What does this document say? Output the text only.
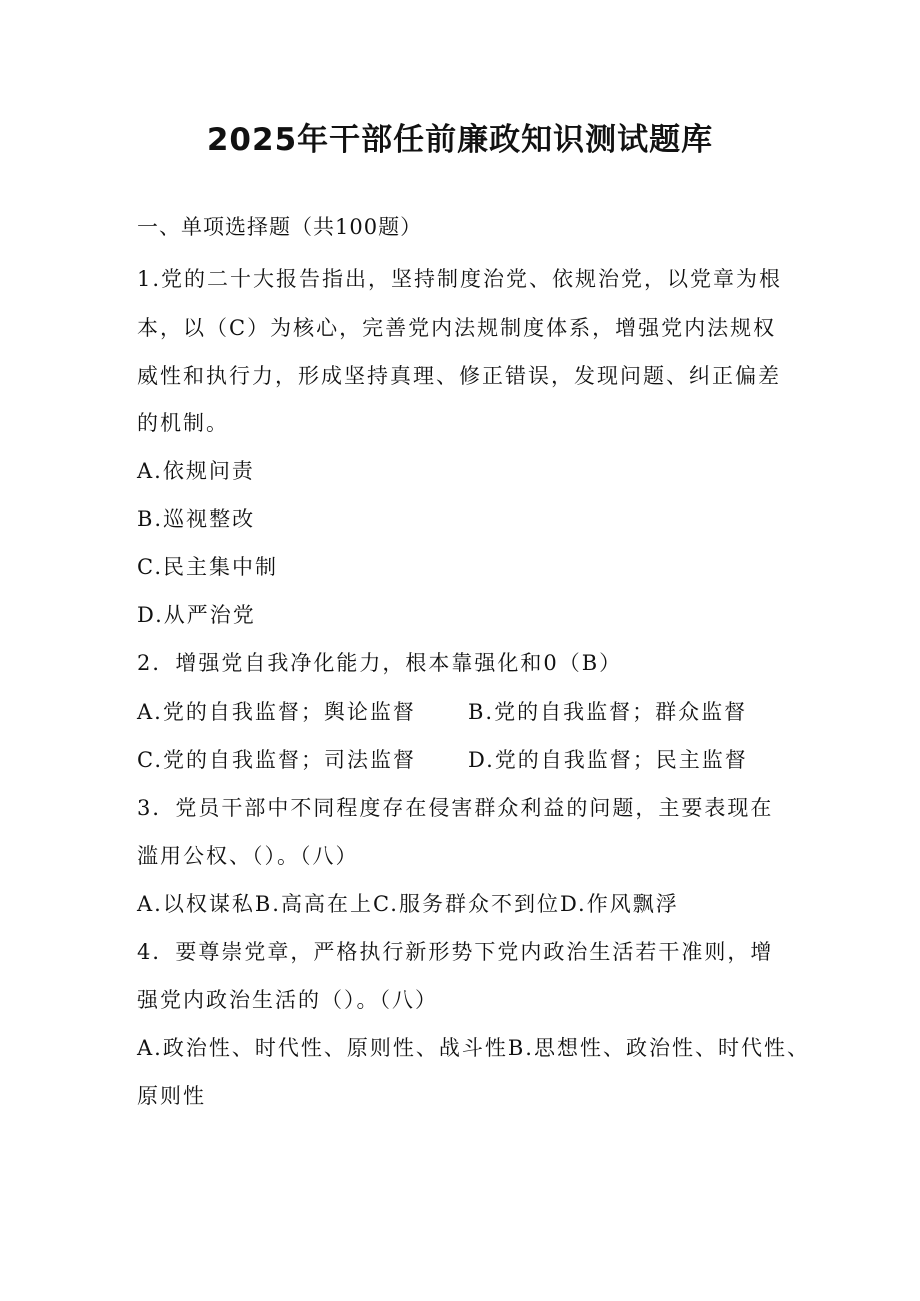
2025年干部任前廉政知识测试题库

一、单项选择题（共100题）

1.党的二十大报告指出，坚持制度治党、依规治党，以党章为根

本，以（C）为核心，完善党内法规制度体系，增强党内法规权

威性和执行力，形成坚持真理、修正错误，发现问题、纠正偏差

的机制。

A.依规问责

B.巡视整改

C.民主集中制

D.从严治党

2．增强党自我净化能力，根本靠强化和0（B）

A.党的自我监督；舆论监督 B.党的自我监督；群众监督

C.党的自我监督；司法监督 D.党的自我监督；民主监督

3．党员干部中不同程度存在侵害群众利益的问题，主要表现在

滥用公权、（）。（八）

A.以权谋私B.高高在上C.服务群众不到位D.作风飘浮

4．要尊崇党章，严格执行新形势下党内政治生活若干准则，增

强党内政治生活的（）。（八）

A.政治性、时代性、原则性、战斗性B.思想性、政治性、时代性、

原则性
